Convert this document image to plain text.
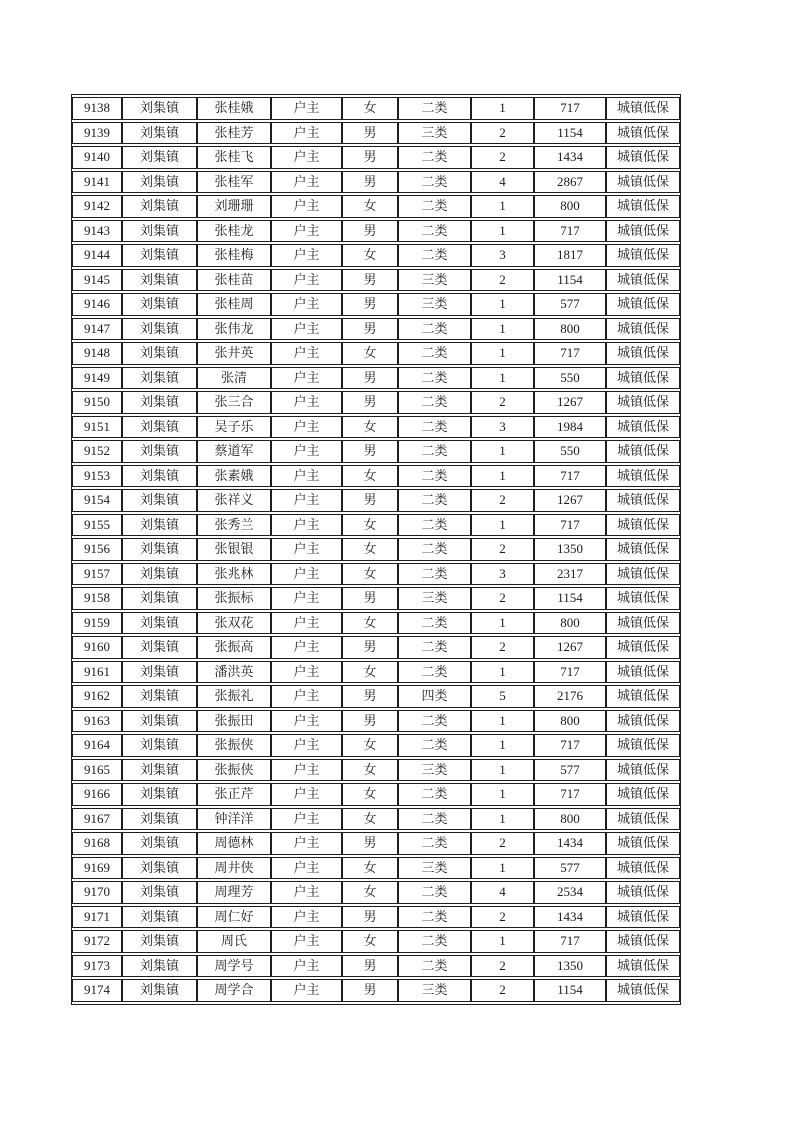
9138	刘集镇	张桂娥	户主	女	二类	1	717	城镇低保
9139	刘集镇	张桂芳	户主	男	三类	2	1154	城镇低保
9140	刘集镇	张桂飞	户主	男	二类	2	1434	城镇低保
9141	刘集镇	张桂军	户主	男	二类	4	2867	城镇低保
9142	刘集镇	刘珊珊	户主	女	二类	1	800	城镇低保
9143	刘集镇	张桂龙	户主	男	二类	1	717	城镇低保
9144	刘集镇	张桂梅	户主	女	二类	3	1817	城镇低保
9145	刘集镇	张桂苗	户主	男	三类	2	1154	城镇低保
9146	刘集镇	张桂周	户主	男	三类	1	577	城镇低保
9147	刘集镇	张伟龙	户主	男	二类	1	800	城镇低保
9148	刘集镇	张井英	户主	女	二类	1	717	城镇低保
9149	刘集镇	张清	户主	男	二类	1	550	城镇低保
9150	刘集镇	张三合	户主	男	二类	2	1267	城镇低保
9151	刘集镇	吴子乐	户主	女	二类	3	1984	城镇低保
9152	刘集镇	蔡道军	户主	男	二类	1	550	城镇低保
9153	刘集镇	张素娥	户主	女	二类	1	717	城镇低保
9154	刘集镇	张祥义	户主	男	二类	2	1267	城镇低保
9155	刘集镇	张秀兰	户主	女	二类	1	717	城镇低保
9156	刘集镇	张银银	户主	女	二类	2	1350	城镇低保
9157	刘集镇	张兆林	户主	女	二类	3	2317	城镇低保
9158	刘集镇	张振标	户主	男	三类	2	1154	城镇低保
9159	刘集镇	张双花	户主	女	二类	1	800	城镇低保
9160	刘集镇	张振高	户主	男	二类	2	1267	城镇低保
9161	刘集镇	潘洪英	户主	女	二类	1	717	城镇低保
9162	刘集镇	张振礼	户主	男	四类	5	2176	城镇低保
9163	刘集镇	张振田	户主	男	二类	1	800	城镇低保
9164	刘集镇	张振侠	户主	女	二类	1	717	城镇低保
9165	刘集镇	张振侠	户主	女	三类	1	577	城镇低保
9166	刘集镇	张正芹	户主	女	二类	1	717	城镇低保
9167	刘集镇	钟洋洋	户主	女	二类	1	800	城镇低保
9168	刘集镇	周德林	户主	男	二类	2	1434	城镇低保
9169	刘集镇	周井侠	户主	女	三类	1	577	城镇低保
9170	刘集镇	周理芳	户主	女	二类	4	2534	城镇低保
9171	刘集镇	周仁好	户主	男	二类	2	1434	城镇低保
9172	刘集镇	周氏	户主	女	二类	1	717	城镇低保
9173	刘集镇	周学号	户主	男	二类	2	1350	城镇低保
9174	刘集镇	周学合	户主	男	三类	2	1154	城镇低保
